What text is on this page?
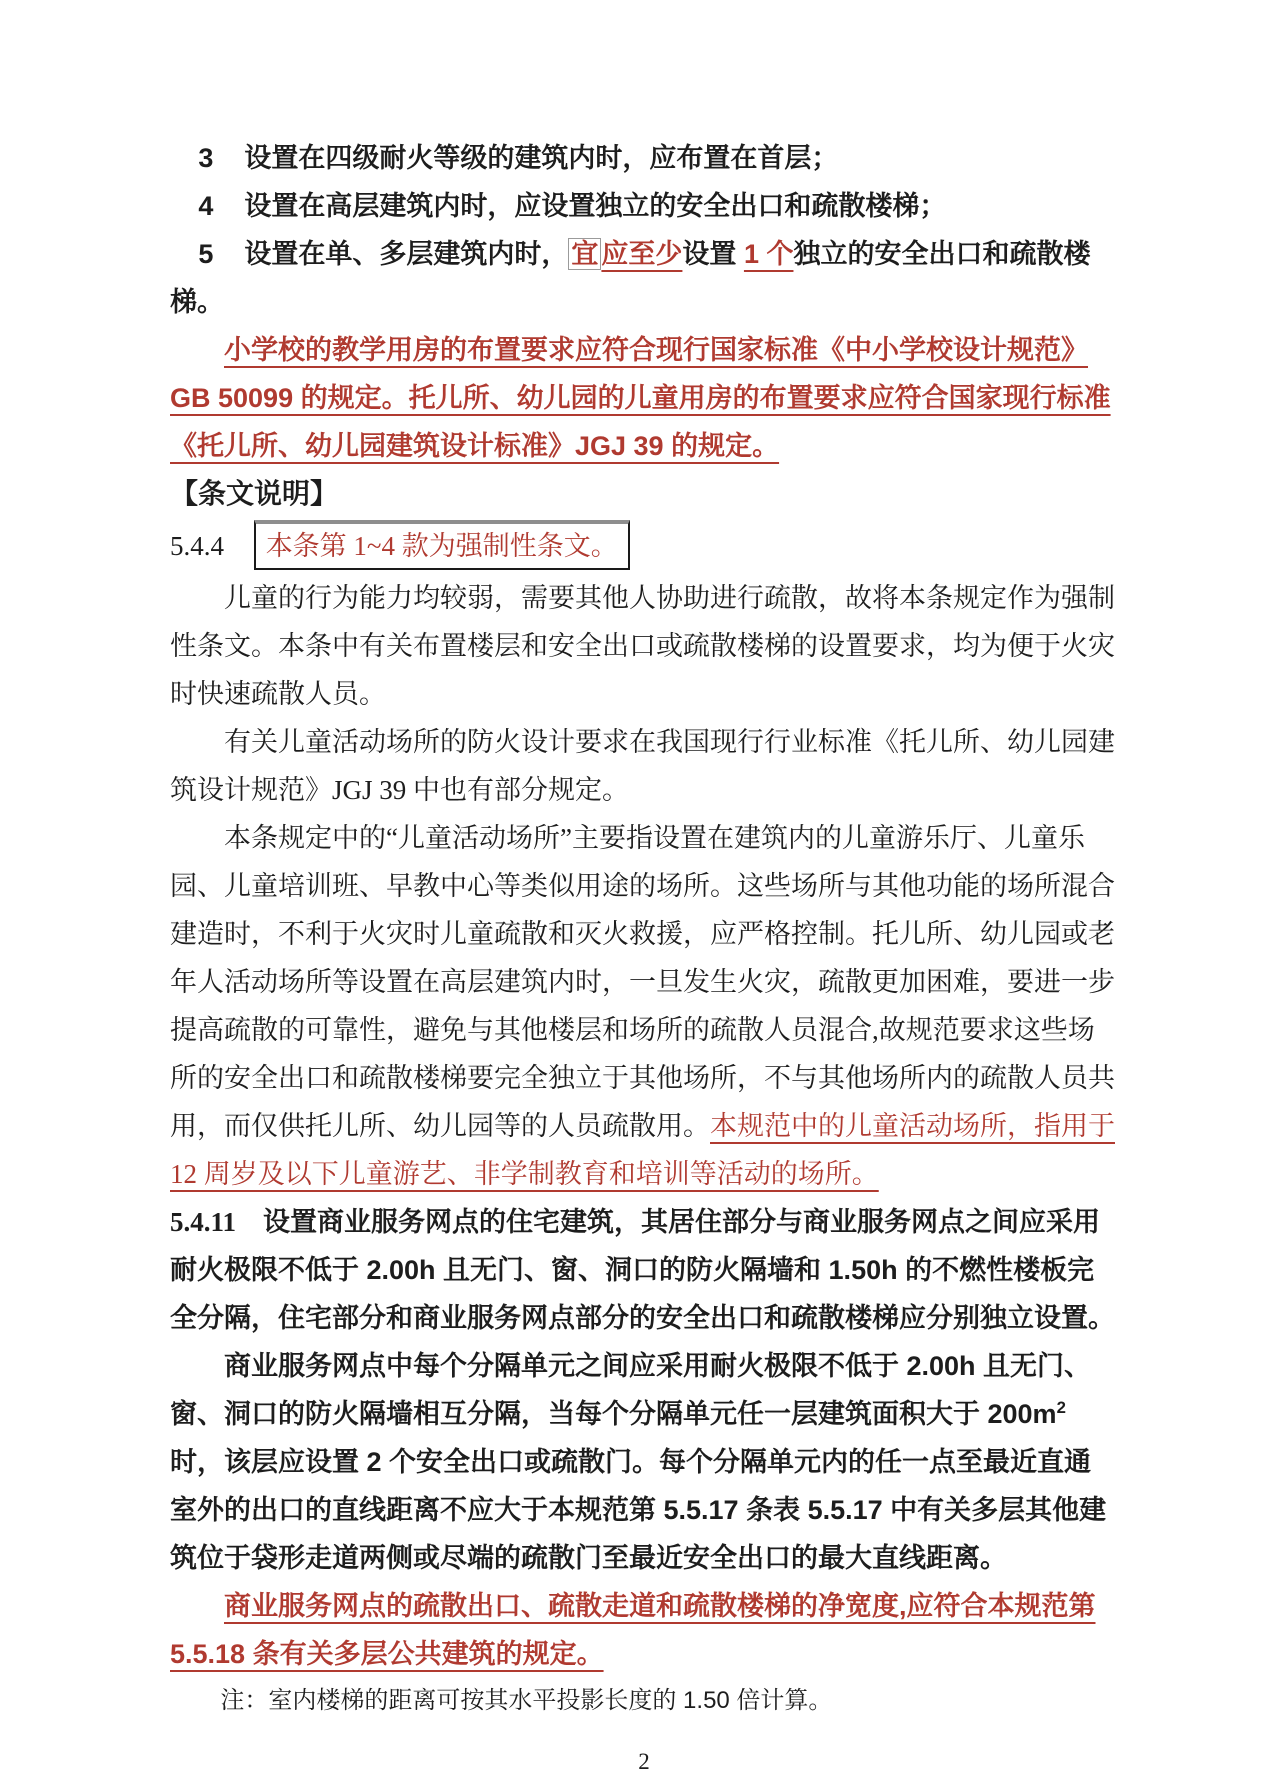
3 设置在四级耐火等级的建筑内时，应布置在首层；

4 设置在高层建筑内时，应设置独立的安全出口和疏散楼梯；

5 设置在单、多层建筑内时， 宜 应至少设置 1 个独立的安全出口和疏散楼梯。

小学校的教学用房的布置要求应符合现行国家标准《中小学校设计规范》GB 50099 的规定。托儿所、幼儿园的儿童用房的布置要求应符合国家现行标准《托儿所、幼儿园建筑设计标准》JGJ 39 的规定。

【条文说明】

5.4.4 本条第 1~4 款为强制性条文。

儿童的行为能力均较弱，需要其他人协助进行疏散，故将本条规定作为强制性条文。本条中有关布置楼层和安全出口或疏散楼梯的设置要求，均为便于火灾时快速疏散人员。

有关儿童活动场所的防火设计要求在我国现行行业标准《托儿所、幼儿园建筑设计规范》JGJ 39 中也有部分规定。

本条规定中的“儿童活动场所”主要指设置在建筑内的儿童游乐厅、儿童乐园、儿童培训班、早教中心等类似用途的场所。这些场所与其他功能的场所混合建造时，不利于火灾时儿童疏散和灭火救援，应严格控制。托儿所、幼儿园或老年人活动场所等设置在高层建筑内时，一旦发生火灾，疏散更加困难，要进一步提高疏散的可靠性，避免与其他楼层和场所的疏散人员混合,故规范要求这些场所的安全出口和疏散楼梯要完全独立于其他场所，不与其他场所内的疏散人员共用，而仅供托儿所、幼儿园等的人员疏散用。本规范中的儿童活动场所，指用于 12 周岁及以下儿童游艺、非学制教育和培训等活动的场所。

5.4.11 设置商业服务网点的住宅建筑，其居住部分与商业服务网点之间应采用耐火极限不低于 2.00h 且无门、窗、洞口的防火隔墙和 1.50h 的不燃性楼板完全分隔，住宅部分和商业服务网点部分的安全出口和疏散楼梯应分别独立设置。

商业服务网点中每个分隔单元之间应采用耐火极限不低于 2.00h 且无门、窗、洞口的防火隔墙相互分隔，当每个分隔单元任一层建筑面积大于 $200m^2$ 时，该层应设置 2 个安全出口或疏散门。每个分隔单元内的任一点至最近直通室外的出口的直线距离不应大于本规范第 5.5.17 条表 5.5.17 中有关多层其他建筑位于袋形走道两侧或尽端的疏散门至最近安全出口的最大直线距离。

商业服务网点的疏散出口、疏散走道和疏散楼梯的净宽度,应符合本规范第 5.5.18 条有关多层公共建筑的规定。

注：室内楼梯的距离可按其水平投影长度的 1.50 倍计算。

2
